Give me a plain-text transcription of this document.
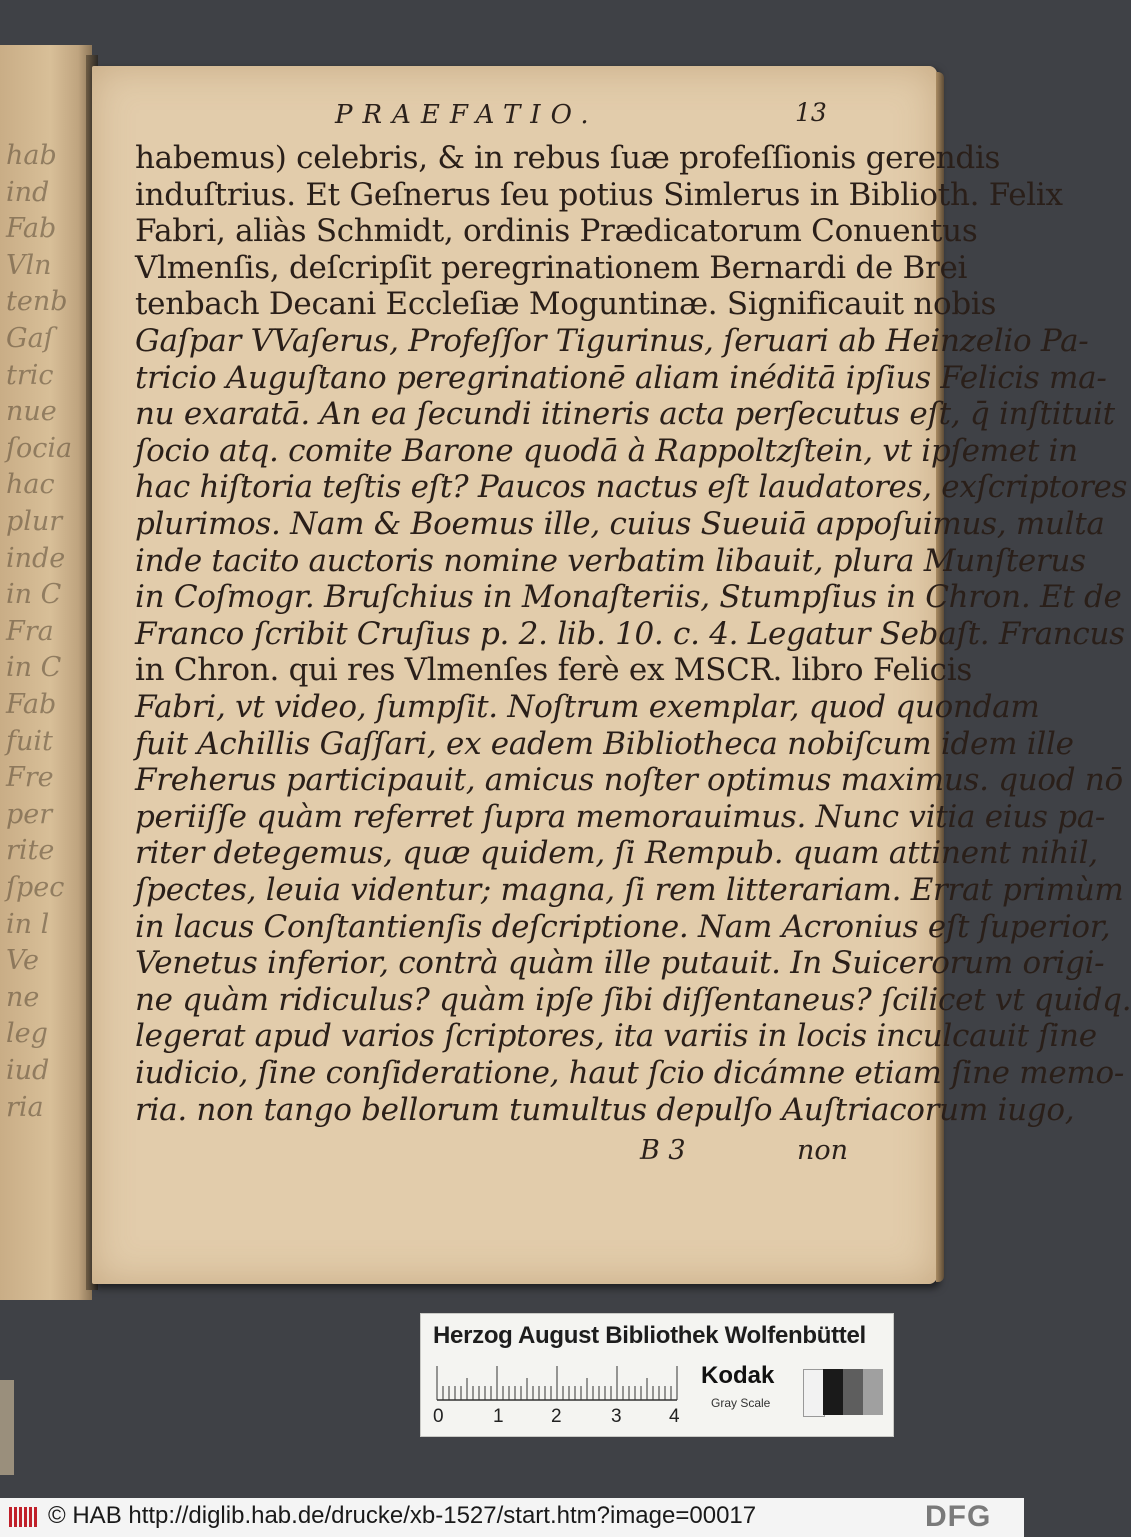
hab
ind
Fab
Vln
tenb
Gaſ
tric
nue
ſocia
hac
plur
inde
in C
Fra
in C
Fab
fuit
Fre
per
rite
ſpec
in l
Ve
ne
leg
iud
ria
PRAEFATIO.	13
habemus) celebris, & in rebus ſuæ profeſſionis gerendis
induſtrius. Et Geſnerus ſeu potius Simlerus in Biblioth. Felix
Fabri, aliàs Schmidt, ordinis Prædicatorum Conuentus
Vlmenſis, deſcripſit peregrinationem Bernardi de Brei
tenbach Decani Eccleſiæ Moguntinæ. Significauit nobis
Gaſpar VVaſerus, Profeſſor Tigurinus, ſeruari ab Heinzelio Pa-
tricio Auguſtano peregrinationē aliam inéditā ipſius Felicis ma-
nu exaratā. An ea ſecundi itineris acta perſecutus eſt, q̄ inſtituit
ſocio atq. comite Barone quodā à Rappoltzſtein, vt ipſemet in
hac hiſtoria teſtis eſt? Paucos nactus eſt laudatores, exſcriptores
plurimos. Nam & Boemus ille, cuius Sueuiā appoſuimus, multa
inde tacito auctoris nomine verbatim libauit, plura Munſterus
in Coſmogr. Bruſchius in Monaſteriis, Stumpſius in Chron. Et de
Franco ſcribit Cruſius p. 2. lib. 10. c. 4. Legatur Sebaſt. Francus
in Chron. qui res Vlmenſes ferè ex MSCR. libro Felicis
Fabri, vt video, ſumpſit. Noſtrum exemplar, quod quondam
fuit Achillis Gaſſari, ex eadem Bibliotheca nobiſcum idem ille
Freherus participauit, amicus noſter optimus maximus. quod nō
periiſſe quàm referret ſupra memorauimus. Nunc vitia eius pa-
riter detegemus, quæ quidem, ſi Rempub. quam attinent nihil,
ſpectes, leuia videntur; magna, ſi rem litterariam. Errat primùm
in lacus Conſtantienſis deſcriptione. Nam Acronius eſt ſuperior,
Venetus inferior, contrà quàm ille putauit. In Suicerorum origi-
ne quàm ridiculus? quàm ipſe ſibi diſſentaneus? ſcilicet vt quidq.
legerat apud varios ſcriptores, ita variis in locis inculcauit ſine
iudicio, ſine conſideratione, haut ſcio dicámne etiam ſine memo-
ria. non tango bellorum tumultus depulſo Auſtriacorum iugo,
B 3	non
Herzog August Bibliothek Wolfenbüttel
0	1 2	3 4
Kodak
Gray Scale
© HAB http://diglib.hab.de/drucke/xb-1527/start.htm?image=00017	DFG
